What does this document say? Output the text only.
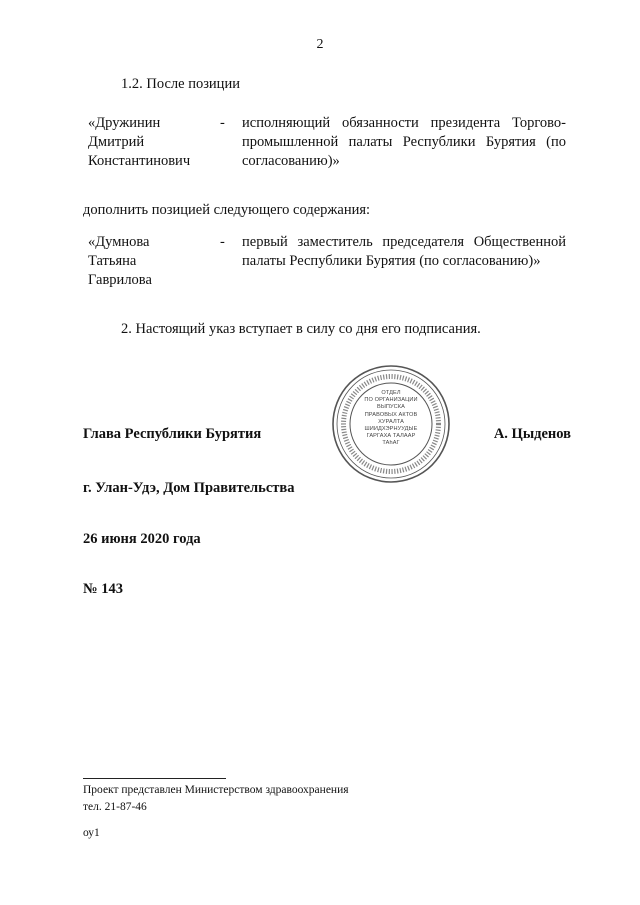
2
1.2. После позиции
«Дружинин
Дмитрий
Константинович
-	исполняющий обязанности президента Торгово-промышленной палаты Республики Бурятия (по согласованию)»
дополнить позицией следующего содержания:
«Думнова
Татьяна
Гаврилова
-	первый заместитель председателя Общественной палаты Республики Бурятия (по согласованию)»
2. Настоящий указ вступает в силу со дня его подписания.
ОТДЕЛ
ПО ОРГАНИЗАЦИИ
ВЫПУСКА
ПРАВОВЫХ АКТОВ
ХУРАЛТА
ШИИДХЭРНУУДЫЕ
ГАРГАХА ТАЛААР
ТАһАГ
Глава Республики Бурятия	А. Цыденов
г. Улан-Удэ, Дом Правительства
26 июня 2020 года
№ 143
Проект представлен Министерством здравоохранения
тел. 21-87-46
оу1
